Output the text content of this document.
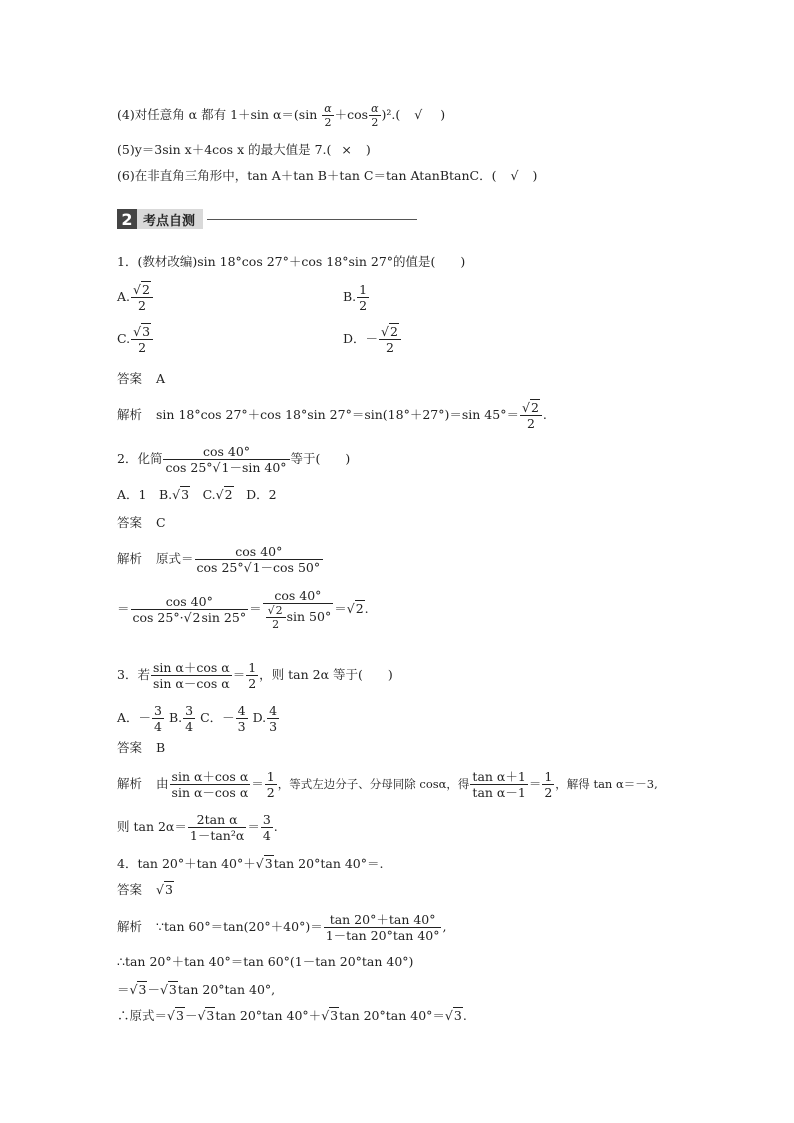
(4)对任意角 α 都有 1＋sin $\alpha=(\sin \frac{\alpha}{2} +\cos \frac{\alpha}{2} )^2$.( √ )
(5)y＝3sin x＋4cos x 的最大值是 7.( × )
(6)在非直角三角形中，tan A＋tan B＋tan C＝tan AtanBtanC．( √ )
2 考点自测
1．(教材改编)sin 18°cos 27°＋cos 18°sin 27°的值是(　　)
A. $\frac{√2}{2}$	B. $\frac{1}{2}$
C. $\frac{√3}{2}$	D．－ $\frac{√2}{2}$
答案 A
解析 sin 18°cos 27°＋cos 18°sin 27°＝sin(18°＋27°)＝sin $45^\circ= \frac{√2}{2}$ .
2．化简 $\frac{\cos 40^\circ}{\cos 25^\circ√1-\sin 40^\circ}$ 等于(　　)
A．1　B.√3　C.√2　D．2
答案 C
解析 原式＝ $\frac{\cos 40^\circ}{\cos 25^\circ√1-\cos 50^\circ}$
＝ $\frac{\cos 40^\circ}{\cos 25^\circ\cdot√2\sin 25^\circ} = \frac{\cos 40^\circ}{\frac{√2}{2} \sin 50^\circ} =√2$.
3．若 $\frac{\text{sin α＋cos α}}{\text{sin α－cos α}} = \frac{1}{2}$ ，则 tan 2α 等于(　　)
A．－ $\frac{3}{4} B$. $\frac{3}{4}$ C．－ $\frac{4}{3} D$. $\frac{4}{3}$
答案 B
解析 由 $\frac{\text{sin α＋cos α}}{\text{sin α－cos α}} = \frac{1}{2}$ ，等式左边分子、分母同除 cosα，得 $\frac{\text{tan α＋1}}{\text{tan α－1}} = \frac{1}{2}$ ，解得 tan α＝－3,
则 $\tan 2\alpha= \frac{\text{2tan α}}{\text{1－tan²α}} = \frac{3}{4}$ .
4．tan 20°＋tan 40°＋√3tan 20°tan 40°＝.
答案 √3
解析 ∵tan $60^\circ=\tan(20^\circ+40^\circ)= \frac{\tan 20^\circ+\tan 40^\circ}{1-\tan 20^\circ\tan 40^\circ}$ ,
∴tan 20°＋tan 40°＝tan 60°(1－tan 20°tan 40°)
＝√3－√3tan 20°tan 40°,
∴原式＝√3－√3tan 20°tan 40°＋√3tan 20°tan 40°＝√3.
